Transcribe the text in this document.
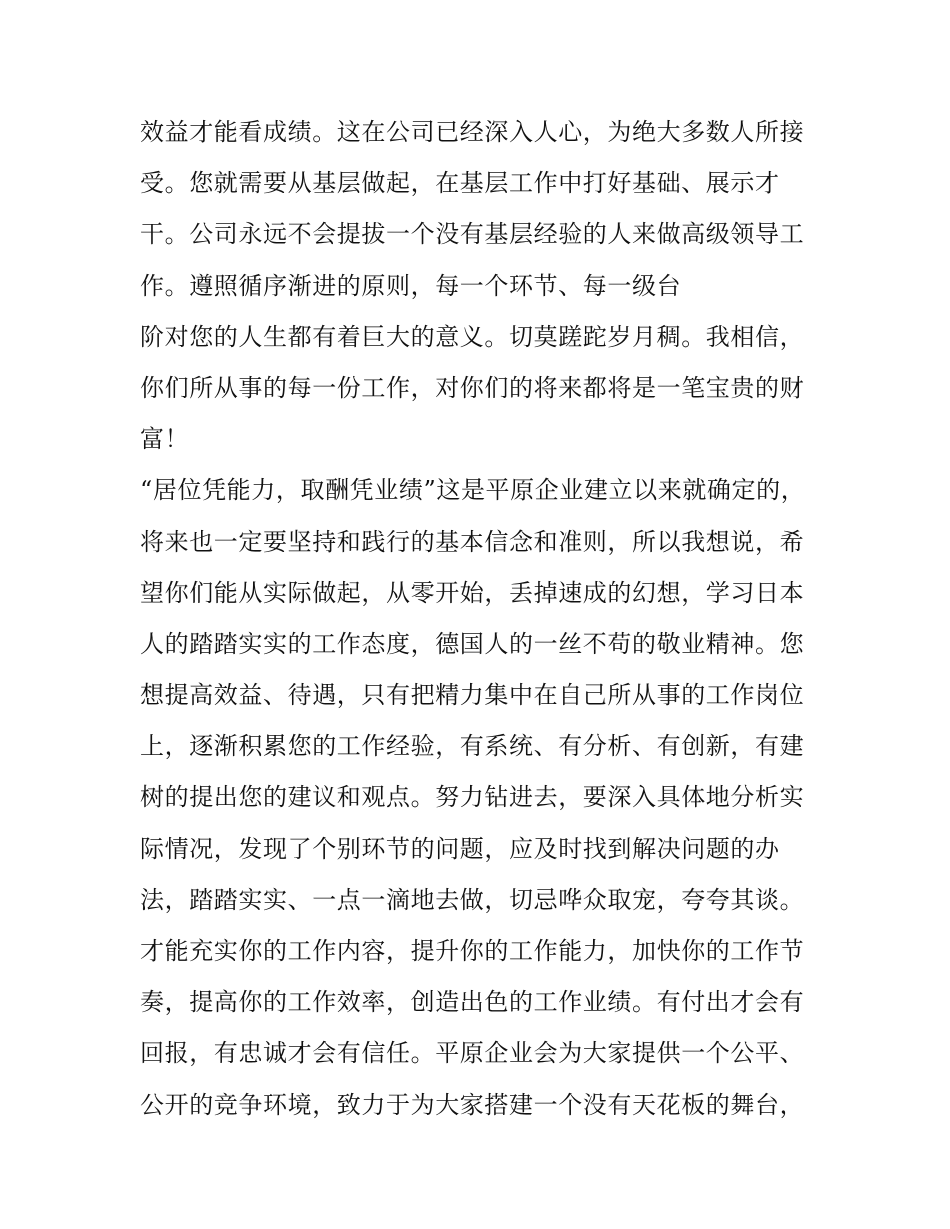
效益才能看成绩。这在公司已经深入人心，为绝大多数人所接
受。您就需要从基层做起，在基层工作中打好基础、展示才
干。公司永远不会提拔一个没有基层经验的人来做高级领导工
作。遵照循序渐进的原则，每一个环节、每一级台
阶对您的人生都有着巨大的意义。切莫蹉跎岁月稠。我相信，
你们所从事的每一份工作，对你们的将来都将是一笔宝贵的财
富！
“居位凭能力，取酬凭业绩”这是平原企业建立以来就确定的，
将来也一定要坚持和践行的基本信念和准则，所以我想说，希
望你们能从实际做起，从零开始，丢掉速成的幻想，学习日本
人的踏踏实实的工作态度，德国人的一丝不苟的敬业精神。您
想提高效益、待遇，只有把精力集中在自己所从事的工作岗位
上，逐渐积累您的工作经验，有系统、有分析、有创新，有建
树的提出您的建议和观点。努力钻进去，要深入具体地分析实
际情况，发现了个别环节的问题，应及时找到解决问题的办
法，踏踏实实、一点一滴地去做，切忌哗众取宠，夸夸其谈。
才能充实你的工作内容，提升你的工作能力，加快你的工作节
奏，提高你的工作效率，创造出色的工作业绩。有付出才会有
回报，有忠诚才会有信任。平原企业会为大家提供一个公平、
公开的竞争环境，致力于为大家搭建一个没有天花板的舞台，
